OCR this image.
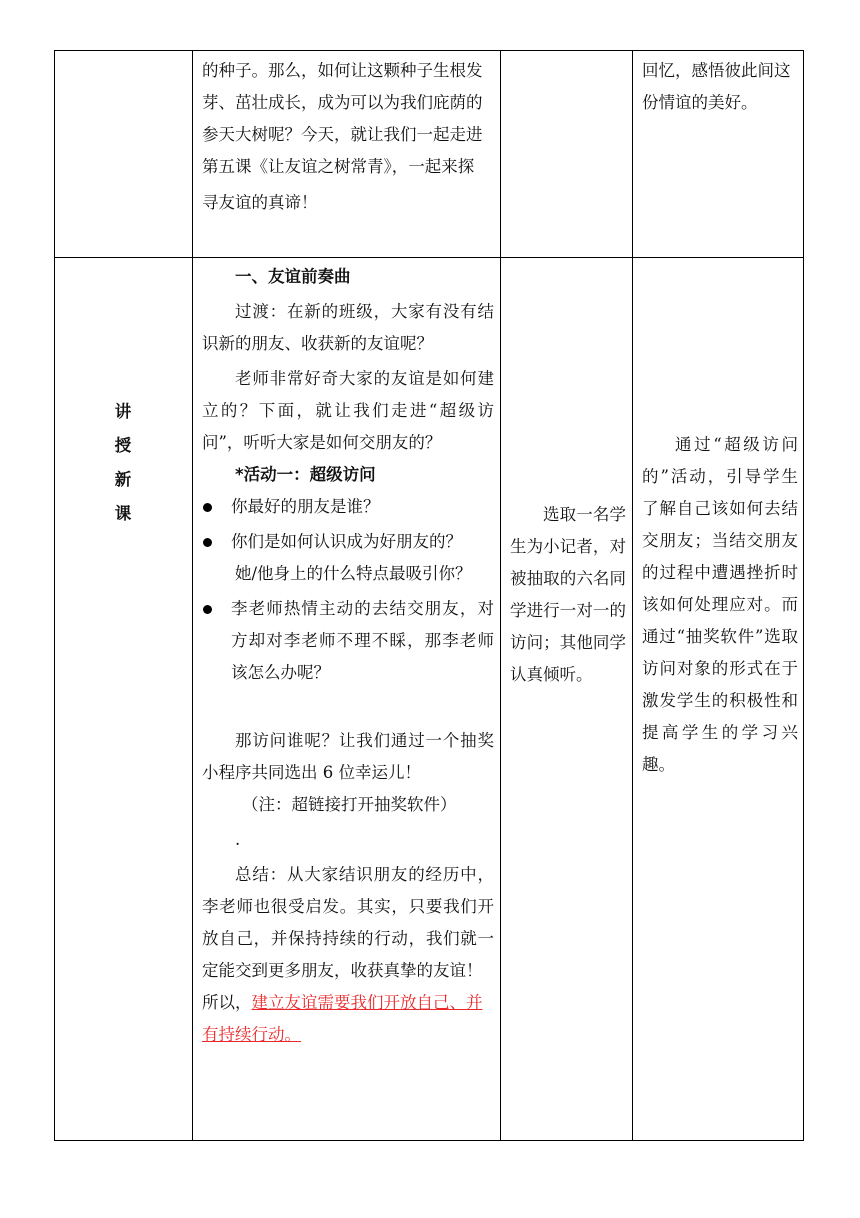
的种子。那么，如何让这颗种子生根发

芽、茁壮成长，成为可以为我们庇荫的

参天大树呢？今天，就让我们一起走进

第五课《让友谊之树常青》，一起来探

寻友谊的真谛！

回忆，感悟彼此间这

份情谊的美好。

讲
授
新
课

一、友谊前奏曲

过渡：在新的班级，大家有没有结识新的朋友、收获新的友谊呢？

老师非常好奇大家的友谊是如何建立的？下面，就让我们走进“超级访问”，听听大家是如何交朋友的？

*活动一：超级访问

你最好的朋友是谁？
你们是如何认识成为好朋友的？

她/他身上的什么特点最吸引你？

李老师热情主动的去结交朋友，对方却对李老师不理不睬，那李老师该怎么办呢？

那访问谁呢？让我们通过一个抽奖小程序共同选出 6 位幸运儿！

（注：超链接打开抽奖软件）

.

总结：从大家结识朋友的经历中，李老师也很受启发。其实，只要我们开放自己，并保持持续的行动，我们就一定能交到更多朋友，收获真挚的友谊！

所以，建立友谊需要我们开放自己、并有持续行动。

选取一名学生为小记者，对被抽取的六名同学进行一对一的访问；其他同学认真倾听。

通过“超级访问的”活动，引导学生了解自己该如何去结交朋友；当结交朋友的过程中遭遇挫折时该如何处理应对。而通过“抽奖软件”选取访问对象的形式在于激发学生的积极性和提高学生的学习兴趣。
